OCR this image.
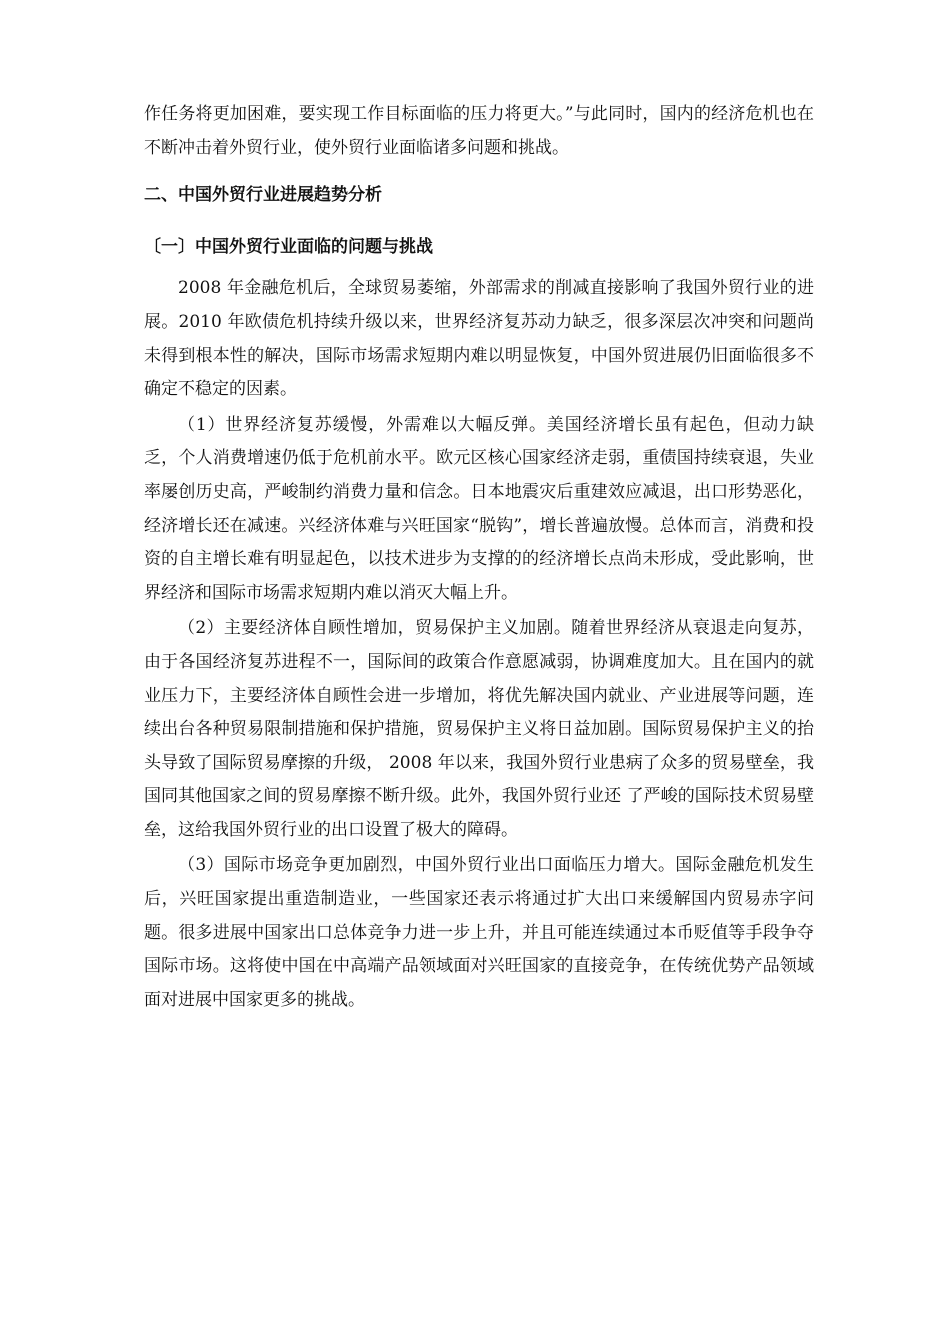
作任务将更加困难，要实现工作目标面临的压力将更大。”与此同时，国内的经济危机也在不断冲击着外贸行业，使外贸行业面临诸多问题和挑战。

二、中国外贸行业进展趋势分析
〔一〕中国外贸行业面临的问题与挑战

2008 年金融危机后，全球贸易萎缩，外部需求的削减直接影响了我国外贸行业的进展。2010 年欧债危机持续升级以来，世界经济复苏动力缺乏，很多深层次冲突和问题尚未得到根本性的解决，国际市场需求短期内难以明显恢复，中国外贸进展仍旧面临很多不确定不稳定的因素。

（1）世界经济复苏缓慢，外需难以大幅反弹。美国经济增长虽有起色，但动力缺乏，个人消费增速仍低于危机前水平。欧元区核心国家经济走弱，重债国持续衰退，失业率屡创历史高，严峻制约消费力量和信念。日本地震灾后重建效应减退，出口形势恶化，经济增长还在减速。兴经济体难与兴旺国家“脱钩”，增长普遍放慢。总体而言，消费和投资的自主增长难有明显起色，以技术进步为支撑的的经济增长点尚未形成，受此影响，世界经济和国际市场需求短期内难以消灭大幅上升。

（2）主要经济体自顾性增加，贸易保护主义加剧。随着世界经济从衰退走向复苏，由于各国经济复苏进程不一，国际间的政策合作意愿减弱，协调难度加大。且在国内的就业压力下，主要经济体自顾性会进一步增加，将优先解决国内就业、产业进展等问题，连续出台各种贸易限制措施和保护措施，贸易保护主义将日益加剧。国际贸易保护主义的抬头导致了国际贸易摩擦的升级， 2008 年以来，我国外贸行业患病了众多的贸易壁垒，我国同其他国家之间的贸易摩擦不断升级。此外，我国外贸行业还 了严峻的国际技术贸易壁垒，这给我国外贸行业的出口设置了极大的障碍。

（3）国际市场竞争更加剧烈，中国外贸行业出口面临压力增大。国际金融危机发生后，兴旺国家提出重造制造业，一些国家还表示将通过扩大出口来缓解国内贸易赤字问题。很多进展中国家出口总体竞争力进一步上升，并且可能连续通过本币贬值等手段争夺国际市场。这将使中国在中高端产品领域面对兴旺国家的直接竞争，在传统优势产品领域面对进展中国家更多的挑战。
